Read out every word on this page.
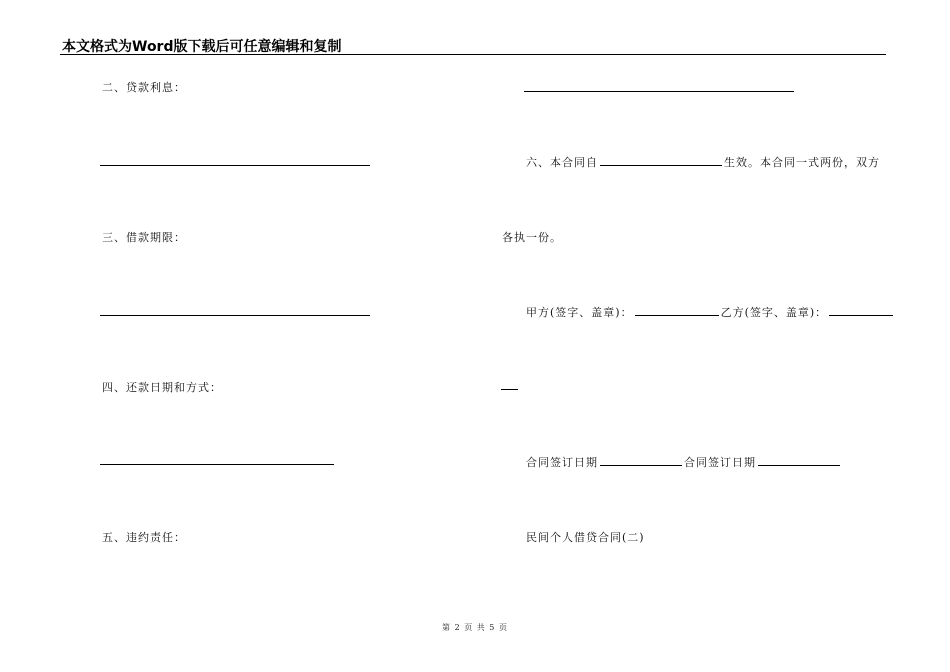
本文格式为Word版下载后可任意编辑和复制
二、贷款利息：
三、借款期限：
四、还款日期和方式：
五、违约责任：
六、本合同自	生效。本合同一式两份，双方
各执一份。
甲方(签字、盖章)：	乙方(签字、盖章)：
合同签订日期	合同签订日期
民间个人借贷合同(二)
第 2 页 共 5 页
